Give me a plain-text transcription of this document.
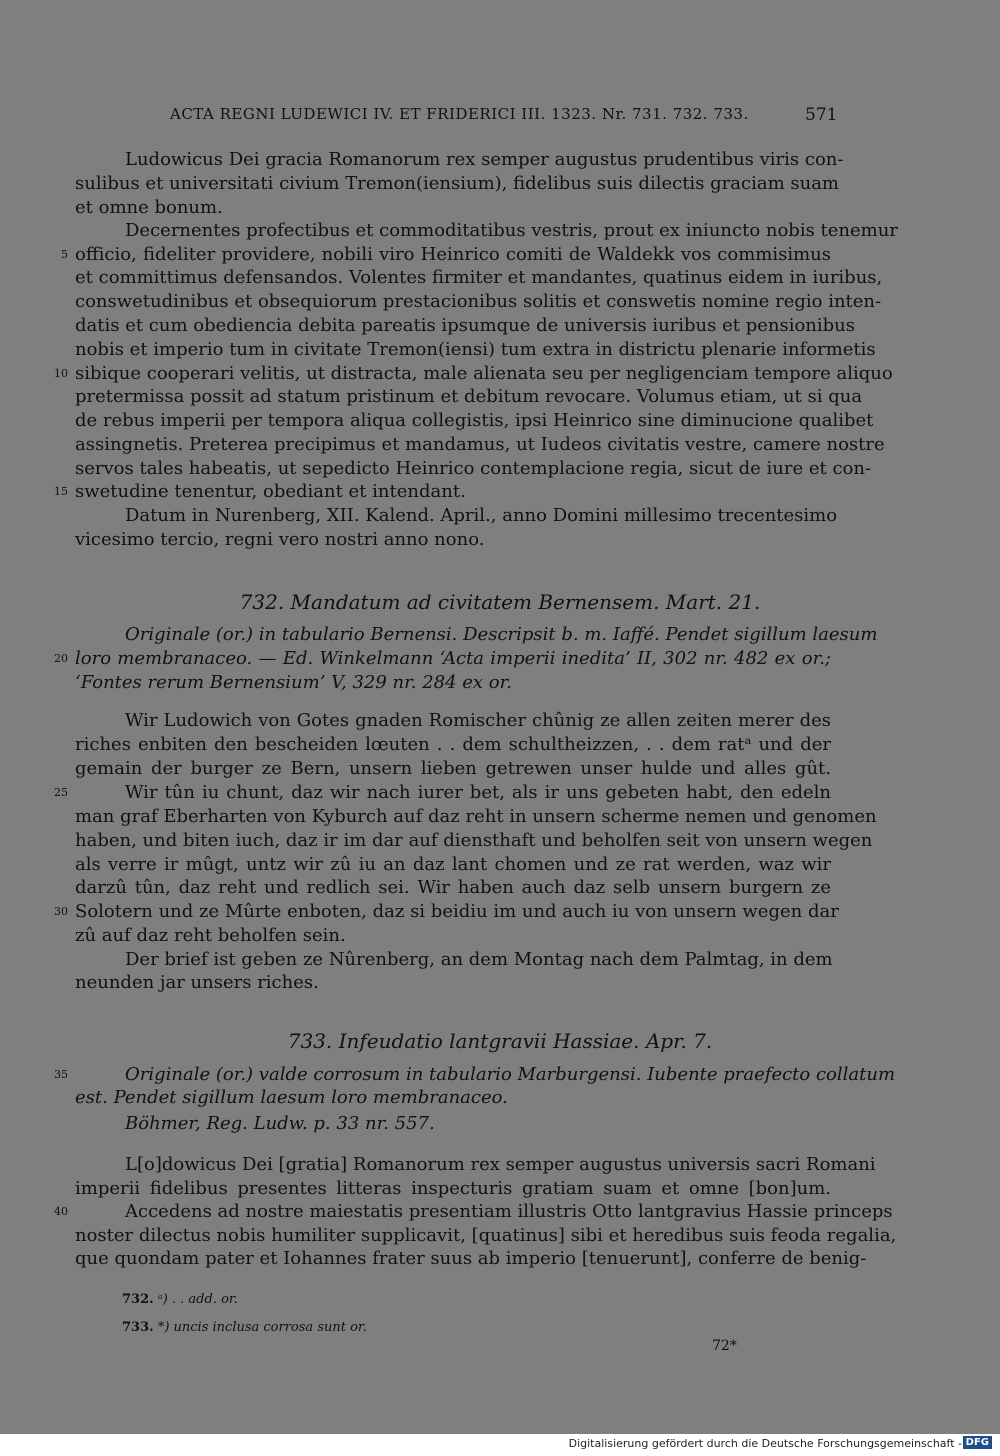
ACTA REGNI LUDEWICI IV. ET FRIDERICI III. 1323. Nr. 731. 732. 733.	571
Ludowicus Dei gracia Romanorum rex semper augustus prudentibus viris con-
sulibus et universitati civium Tremon(iensium), fidelibus suis dilectis graciam suam
et omne bonum.
Decernentes profectibus et commoditatibus vestris, prout ex iniuncto nobis tenemur
5 officio, fideliter providere, nobili viro Heinrico comiti de Waldekk vos commisimus
et committimus defensandos. Volentes firmiter et mandantes, quatinus eidem in iuribus,
conswetudinibus et obsequiorum prestacionibus solitis et conswetis nomine regio inten-
datis et cum obediencia debita pareatis ipsumque de universis iuribus et pensionibus
nobis et imperio tum in civitate Tremon(iensi) tum extra in districtu plenarie informetis
10 sibique cooperari velitis, ut distracta, male alienata seu per negligenciam tempore aliquo
pretermissa possit ad statum pristinum et debitum revocare. Volumus etiam, ut si qua
de rebus imperii per tempora aliqua collegistis, ipsi Heinrico sine diminucione qualibet
assingnetis. Preterea precipimus et mandamus, ut Iudeos civitatis vestre, camere nostre
servos tales habeatis, ut sepedicto Heinrico contemplacione regia, sicut de iure et con-
15 swetudine tenentur, obediant et intendant.
Datum in Nurenberg, XII. Kalend. April., anno Domini millesimo trecentesimo
vicesimo tercio, regni vero nostri anno nono.
732. Mandatum ad civitatem Bernensem. Mart. 21.
Originale (or.) in tabulario Bernensi. Descripsit b. m. Iaffé. Pendet sigillum laesum
20 loro membranaceo. — Ed. Winkelmann ‘Acta imperii inedita’ II, 302 nr. 482 ex or.;
‘Fontes rerum Bernensium’ V, 329 nr. 284 ex or.
Wir Ludowich von Gotes gnaden Romischer chûnig ze allen zeiten merer des
riches enbiten den bescheiden lœuten . . dem schultheizzen, . . dem ratᵃ und der
gemain der burger ze Bern, unsern lieben getrewen unser hulde und alles gût.
25	Wir tûn iu chunt, daz wir nach iurer bet, als ir uns gebeten habt, den edeln
man graf Eberharten von Kyburch auf daz reht in unsern scherme nemen und genomen
haben, und biten iuch, daz ir im dar auf diensthaft und beholfen seit von unsern wegen
als verre ir mûgt, untz wir zû iu an daz lant chomen und ze rat werden, waz wir
darzû tûn, daz reht und redlich sei. Wir haben auch daz selb unsern burgern ze
30 Solotern und ze Mûrte enboten, daz si beidiu im und auch iu von unsern wegen dar
zû auf daz reht beholfen sein.
Der brief ist geben ze Nûrenberg, an dem Montag nach dem Palmtag, in dem
neunden jar unsers riches.
733. Infeudatio lantgravii Hassiae. Apr. 7.
35	Originale (or.) valde corrosum in tabulario Marburgensi. Iubente praefecto collatum
est. Pendet sigillum laesum loro membranaceo.
Böhmer, Reg. Ludw. p. 33 nr. 557.
L[o]dowicus Dei [gratia] Romanorum rex semper augustus universis sacri Romani
imperii fidelibus presentes litteras inspecturis gratiam suam et omne [bon]um.
40	Accedens ad nostre maiestatis presentiam illustris Otto lantgravius Hassie princeps
noster dilectus nobis humiliter supplicavit, [quatinus] sibi et heredibus suis feoda regalia,
que quondam pater et Iohannes frater suus ab imperio [tenuerunt], conferre de benig-
732. ᵃ) . . add. or.
733. *) uncis inclusa corrosa sunt or.
72*
Digitalisierung gefördert durch die Deutsche Forschungsgemeinschaft - DFG
